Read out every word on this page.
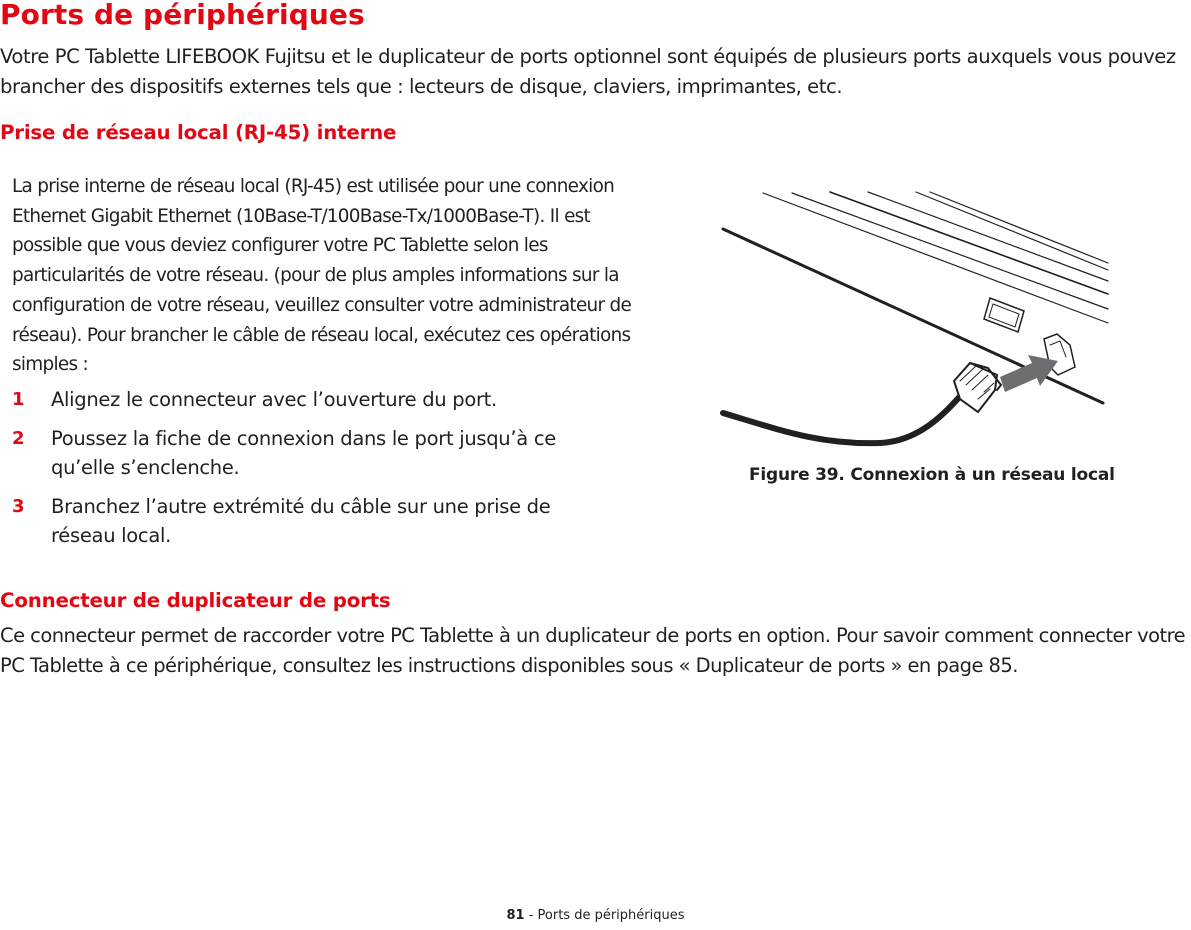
Ports de périphériques

Votre PC Tablette LIFEBOOK Fujitsu et le duplicateur de ports optionnel sont équipés de plusieurs ports auxquels vous pouvez brancher des dispositifs externes tels que : lecteurs de disque, claviers, imprimantes, etc.

Prise de réseau local (RJ-45) interne

La prise interne de réseau local (RJ-45) est utilisée pour une connexion Ethernet Gigabit Ethernet (10Base-T/100Base-Tx/1000Base-T). Il est possible que vous deviez configurer votre PC Tablette selon les particularités de votre réseau. (pour de plus amples informations sur la configuration de votre réseau, veuillez consulter votre administrateur de réseau). Pour brancher le câble de réseau local, exécutez ces opérations simples :

1 Alignez le connecteur avec l’ouverture du port.
2 Poussez la fiche de connexion dans le port jusqu’à ce qu’elle s’enclenche.
3 Branchez l’autre extrémité du câble sur une prise de réseau local.

Figure 39. Connexion à un réseau local

Connecteur de duplicateur de ports

Ce connecteur permet de raccorder votre PC Tablette à un duplicateur de ports en option. Pour savoir comment connecter votre PC Tablette à ce périphérique, consultez les instructions disponibles sous « Duplicateur de ports » en page 85.

81 - Ports de périphériques
